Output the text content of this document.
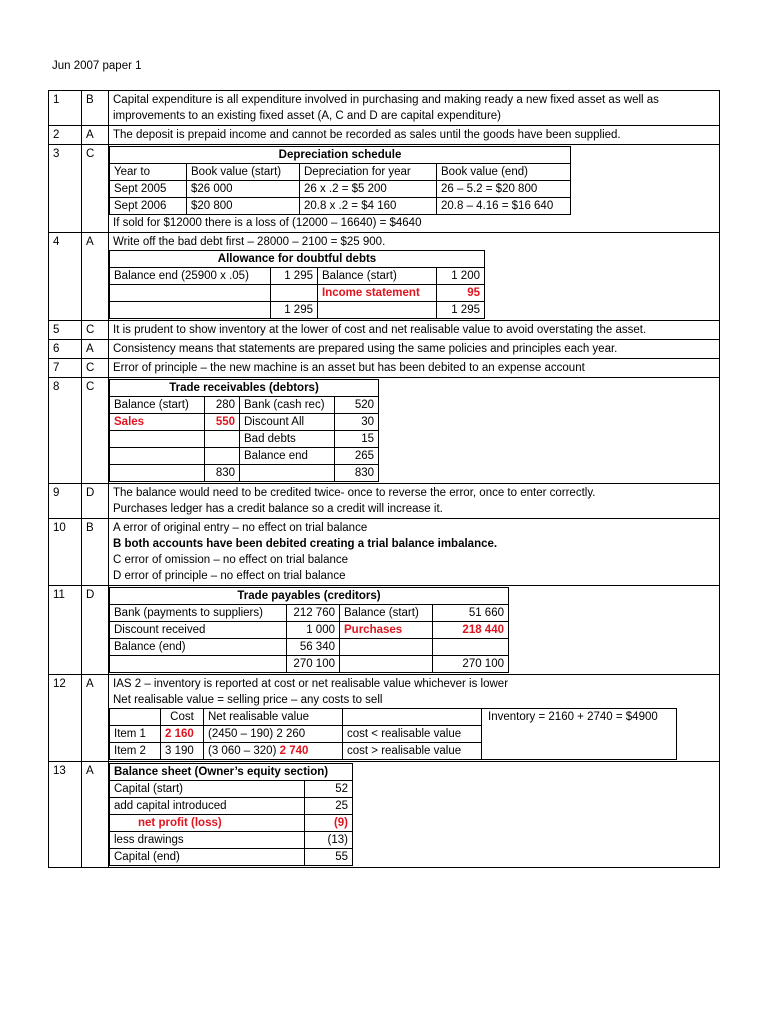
Jun 2007 paper 1
1	B	Capital expenditure is all expenditure involved in purchasing and making ready a new fixed asset as well as improvements to an existing fixed asset (A, C and D are capital expenditure)
2	A	The deposit is prepaid income and cannot be recorded as sales until the goods have been supplied.
3	C		Depreciation schedule
Year to	Book value (start)	Depreciation for year	Book value (end)
Sept 2005	$26 000	26 x .2 = $5 200	26 – 5.2 = $20 800
Sept 2006	$20 800	20.8 x .2 = $4 160	20.8 – 4.16 = $16 640
If sold for $12000 there is a loss of (12000 – 16640) = $4640

4	A	Write off the bad debt first – 28000 – 2100 = $25 900.
Allowance for doubtful debts
Balance end (25900 x .05)	1 295	Balance (start)	1 200
		Income statement	95
	1 295		1 295

5	C	It is prudent to show inventory at the lower of cost and net realisable value to avoid overstating the asset.
6	A	Consistency means that statements are prepared using the same policies and principles each year.
7	C	Error of principle – the new machine is an asset but has been debited to an expense account
8	C		Trade receivables (debtors)
Balance (start)	280	Bank (cash rec)	520
Sales	550	Discount All	30
		Bad debts	15
		Balance end	265
	830		830

9	D	The balance would need to be credited twice- once to reverse the error, once to enter correctly.
Purchases ledger has a credit balance so a credit will increase it.

10	B	A error of original entry – no effect on trial balance
B both accounts have been debited creating a trial balance imbalance.
C error of omission – no effect on trial balance
D error of principle – no effect on trial balance

11	D		Trade payables (creditors)
Bank (payments to suppliers)	212 760	Balance (start)	51 660
Discount received	1 000	Purchases	218 440
Balance (end)	56 340		
	270 100		270 100

12	A	IAS 2 – inventory is reported at cost or net realisable value whichever is lower
Net realisable value = selling price – any costs to sell
	Cost	Net realisable value		Inventory = 2160 + 2740 = $4900
Item 1	2 160	(2450 – 190) 2 260	cost < realisable value
Item 2	3 190	(3 060 – 320) 2 740	cost > realisable value

13	A	Balance sheet (Owner’s equity section)
Capital (start)	52
add capital introduced	25
net profit (loss)	(9)
less drawings	(13)
Capital (end)	55
